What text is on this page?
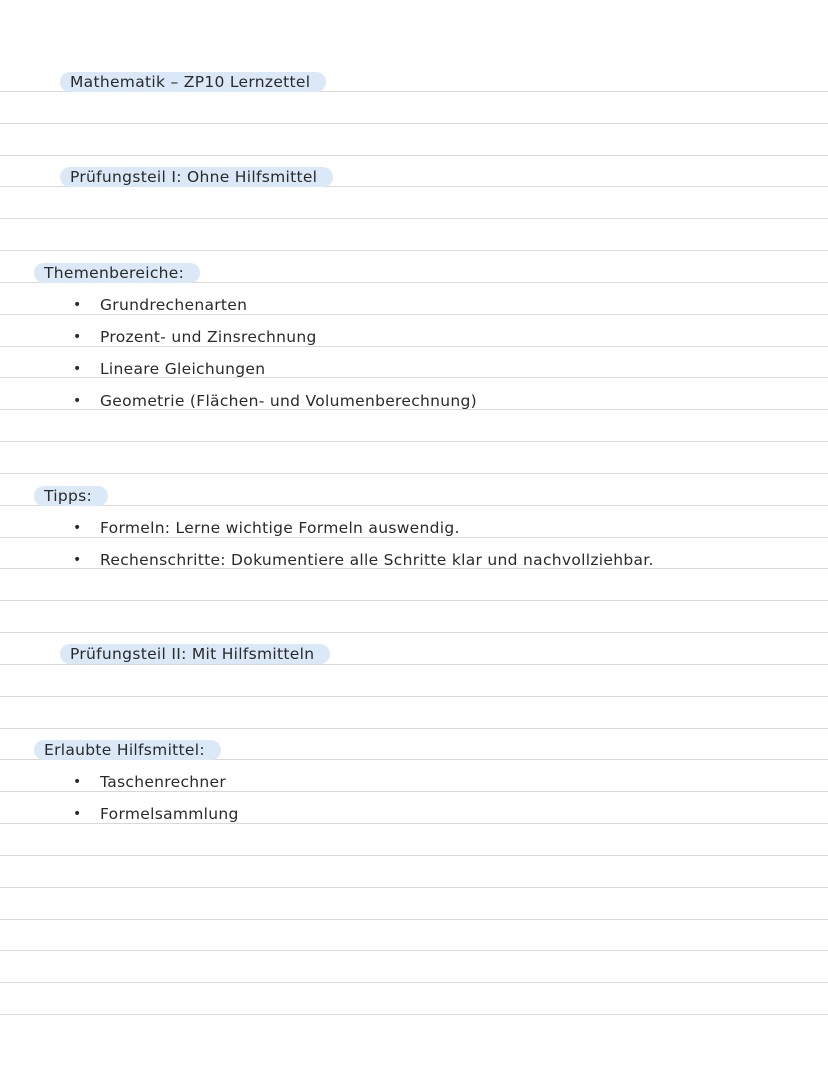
Mathematik – ZP10 Lernzettel
Prüfungsteil I: Ohne Hilfsmittel
Themenbereiche:
• Grundrechenarten
• Prozent- und Zinsrechnung
• Lineare Gleichungen
• Geometrie (Flächen- und Volumenberechnung)
Tipps:
• Formeln: Lerne wichtige Formeln auswendig.
• Rechenschritte: Dokumentiere alle Schritte klar und nachvollziehbar.
Prüfungsteil II: Mit Hilfsmitteln
Erlaubte Hilfsmittel:
• Taschenrechner
• Formelsammlung
